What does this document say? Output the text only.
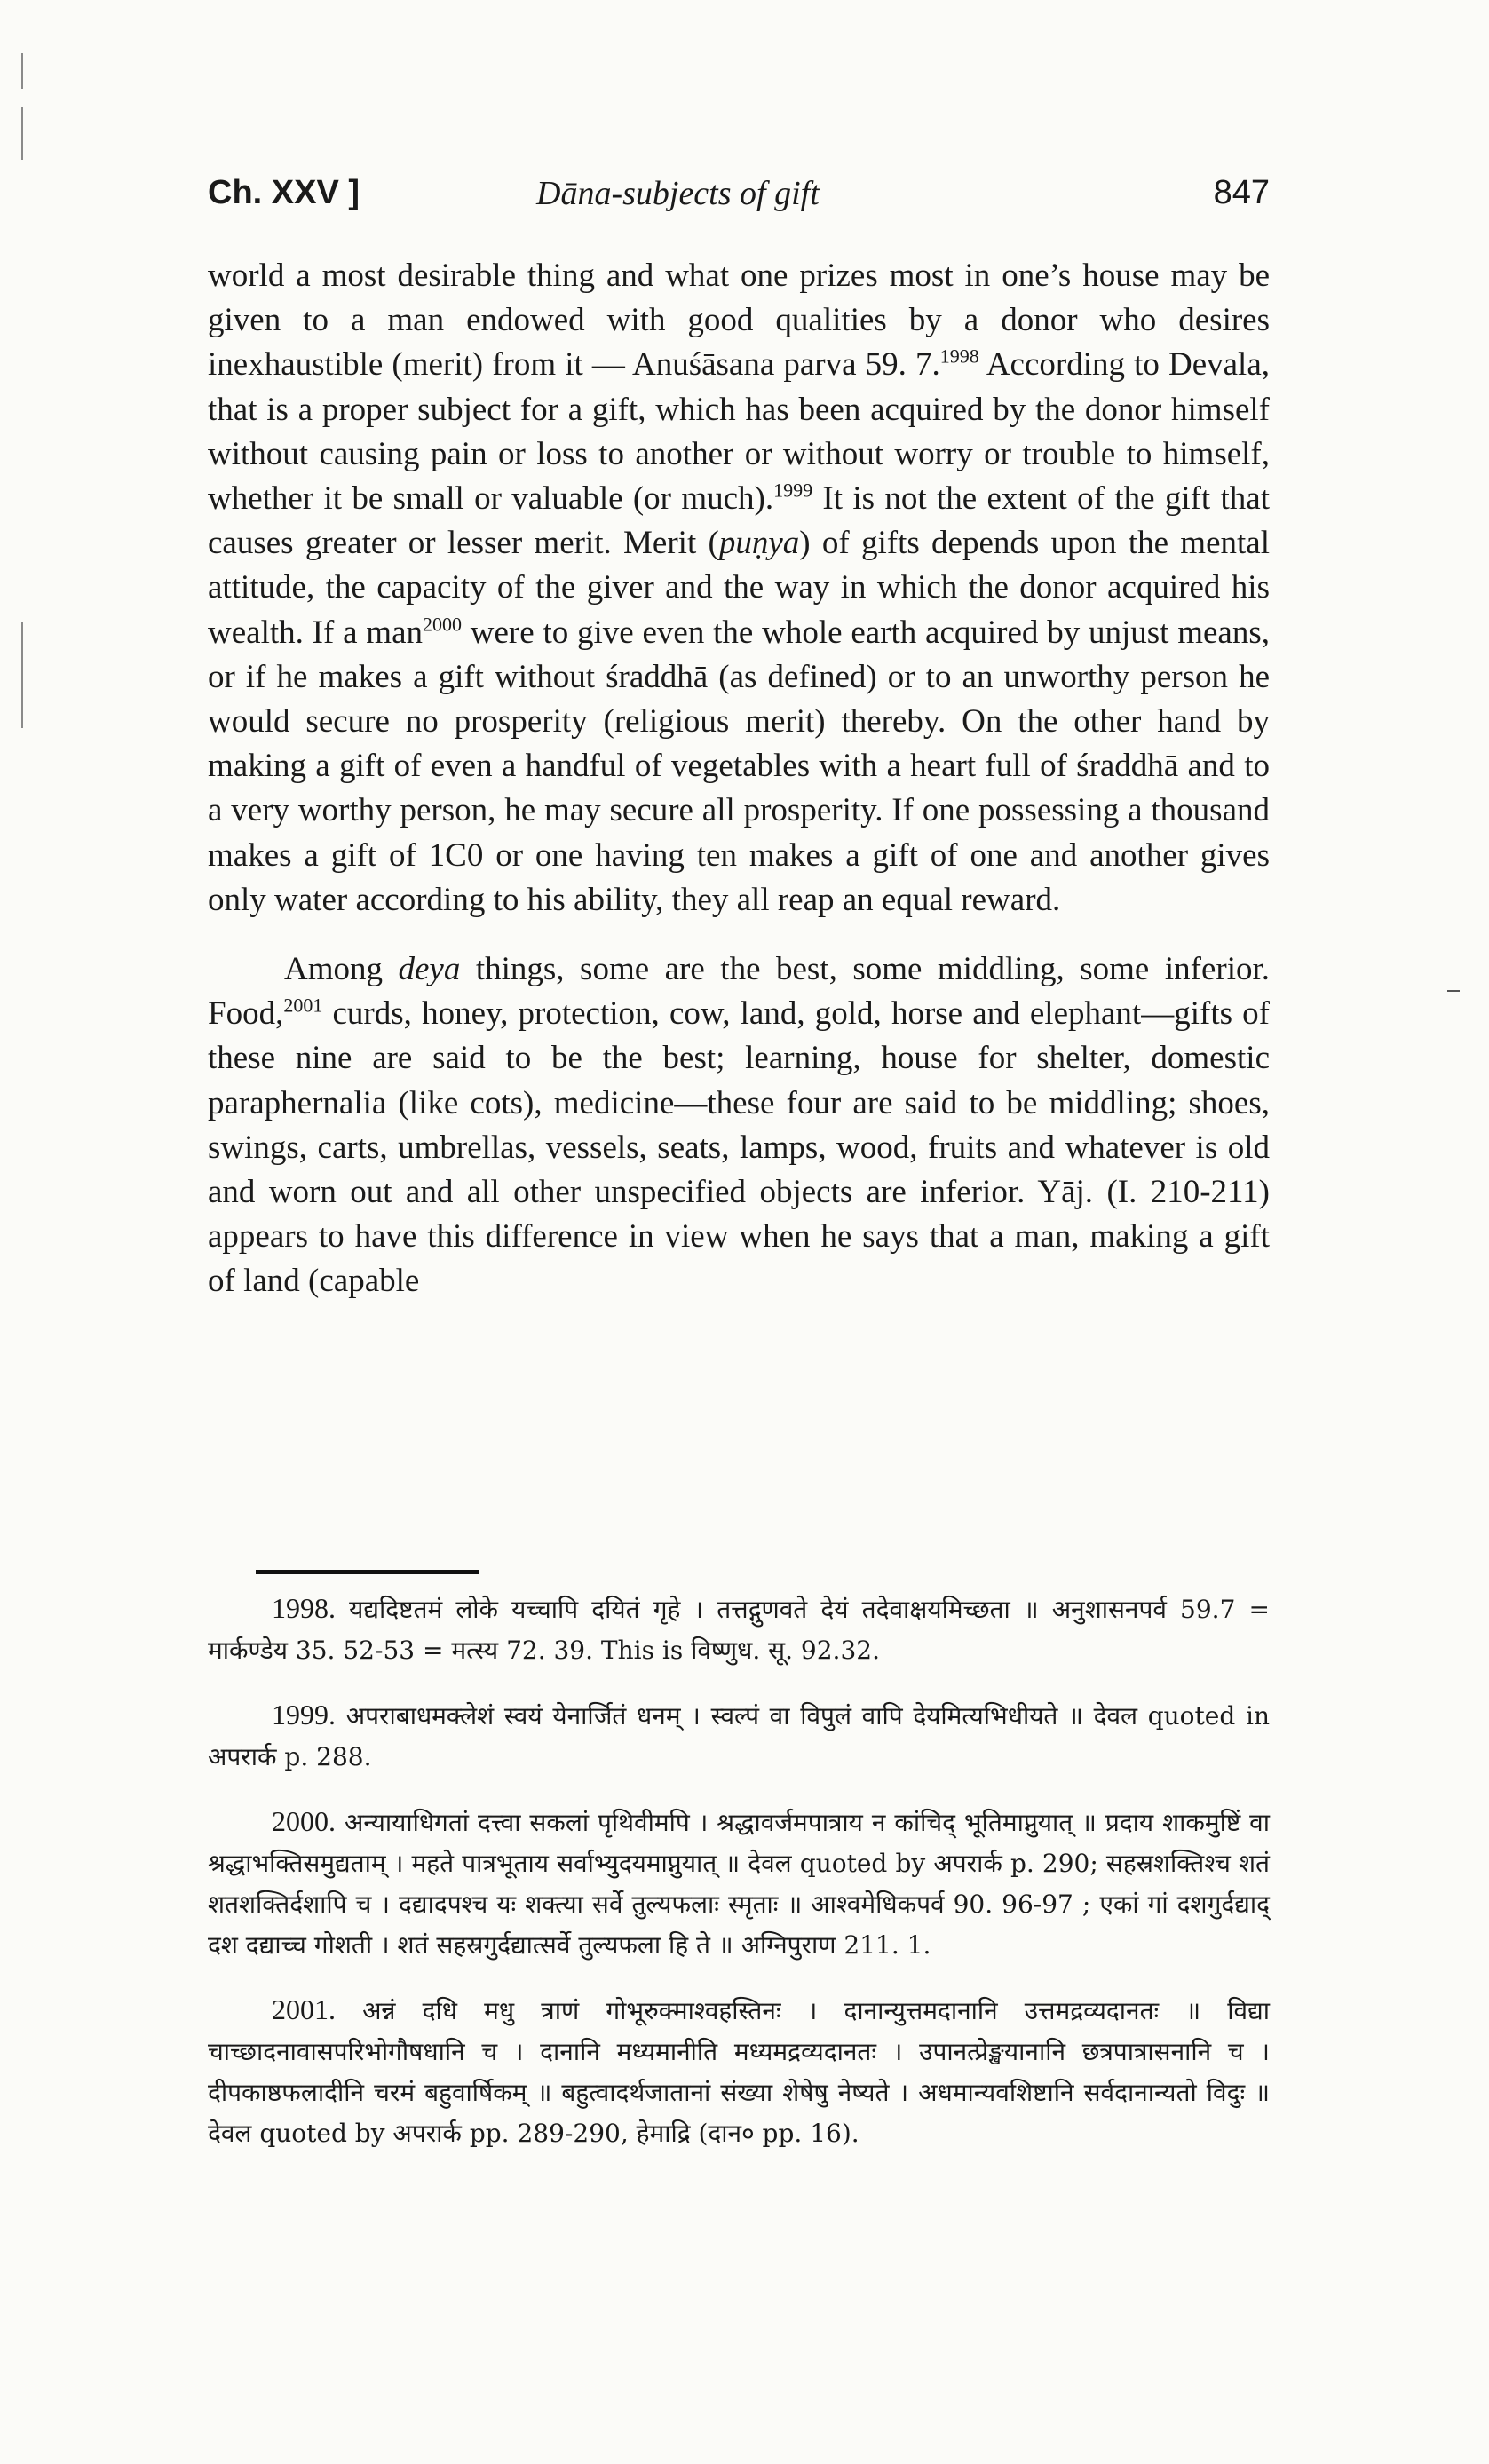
Ch. XXV ]	Dāna-subjects of gift	847

world a most desirable thing and what one prizes most in one’s house may be given to a man endowed with good qualities by a donor who desires inexhaustible (merit) from it — Anuśāsana parva 59. 7.$^{1998}$ According to Devala, that is a proper subject for a gift, which has been acquired by the donor himself without causing pain or loss to another or without worry or trouble to himself, whether it be small or valuable (or much).$^{1999}$ It is not the extent of the gift that causes greater or lesser merit. Merit (puṇya) of gifts depends upon the mental attitude, the capacity of the giver and the way in which the donor acquired his wealth. If a man$^{2000}$ were to give even the whole earth acquired by unjust means, or if he makes a gift without śraddhā (as defined) or to an unworthy person he would secure no prosperity (religious merit) thereby. On the other hand by making a gift of even a handful of vegetables with a heart full of śraddhā and to a very worthy person, he may secure all prosperity. If one possessing a thousand makes a gift of 1C0 or one having ten makes a gift of one and another gives only water according to his ability, they all reap an equal reward.

Among deya things, some are the best, some middling, some inferior. Food,$^{2001}$ curds, honey, protection, cow, land, gold, horse and elephant—gifts of these nine are said to be the best; learning, house for shelter, domestic paraphernalia (like cots), medicine—these four are said to be middling; shoes, swings, carts, umbrellas, vessels, seats, lamps, wood, fruits and whatever is old and worn out and all other unspecified objects are inferior. Yāj. (I. 210-211) appears to have this difference in view when he says that a man, making a gift of land (capable

1998. यद्यदिष्टतमं लोके यच्चापि दयितं गृहे । तत्तद्गुणवते देयं तदेवाक्षयमिच्छता ॥ अनुशासनपर्व 59.7 = मार्कण्डेय 35. 52-53 = मत्स्य 72. 39. This is विष्णुध. सू. 92.32.

1999. अपराबाधमक्लेशं स्वयं येनार्जितं धनम् । स्वल्पं वा विपुलं वापि देयमित्यभिधीयते ॥ देवल quoted in अपरार्क p. 288.

2000. अन्यायाधिगतां दत्त्वा सकलां पृथिवीमपि । श्रद्धावर्जमपात्राय न कांचिद् भूतिमाप्नुयात् ॥ प्रदाय शाकमुष्टिं वा श्रद्धाभक्तिसमुद्यताम् । महते पात्रभूताय सर्वाभ्युदयमाप्नुयात् ॥ देवल quoted by अपरार्क p. 290; सहस्रशक्तिश्च शतं शतशक्तिर्दशापि च । दद्यादपश्च यः शक्त्या सर्वे तुल्यफलाः स्मृताः ॥ आश्वमेधिकपर्व 90. 96-97 ; एकां गां दशगुर्दद्याद् दश दद्याच्च गोशती । शतं सहस्रगुर्दद्यात्सर्वे तुल्यफला हि ते ॥ अग्निपुराण 211. 1.

2001. अन्नं दधि मधु त्राणं गोभूरुक्माश्वहस्तिनः । दानान्युत्तमदानानि उत्तमद्रव्यदानतः ॥ विद्या चाच्छादनावासपरिभोगौषधानि च । दानानि मध्यमानीति मध्यमद्रव्यदानतः । उपानत्प्रेङ्खयानानि छत्रपात्रासनानि च । दीपकाष्ठफलादीनि चरमं बहुवार्षिकम् ॥ बहुत्वादर्थजातानां संख्या शेषेषु नेष्यते । अधमान्यवशिष्टानि सर्वदानान्यतो विदुः ॥ देवल quoted by अपरार्क pp. 289-290, हेमाद्रि (दान० pp. 16).
